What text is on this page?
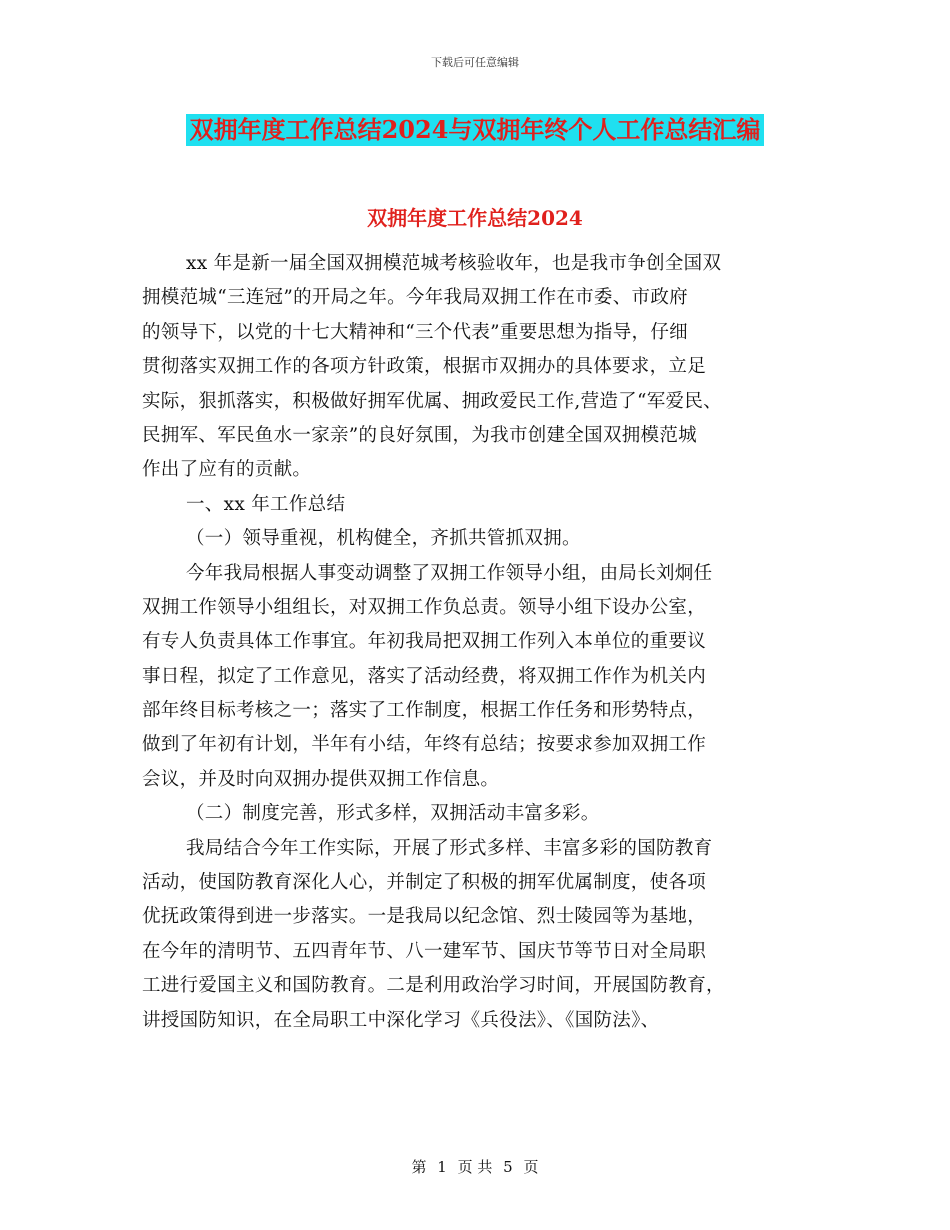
下载后可任意编辑
双拥年度工作总结2024与双拥年终个人工作总结汇编
双拥年度工作总结2024
xx 年是新一届全国双拥模范城考核验收年，也是我市争创全国双
拥模范城“三连冠”的开局之年。今年我局双拥工作在市委、市政府
的领导下，以党的十七大精神和“三个代表”重要思想为指导，仔细
贯彻落实双拥工作的各项方针政策，根据市双拥办的具体要求，立足
实际，狠抓落实，积极做好拥军优属、拥政爱民工作,营造了“军爱民、
民拥军、军民鱼水一家亲”的良好氛围，为我市创建全国双拥模范城
作出了应有的贡献。
一、xx 年工作总结
（一）领导重视，机构健全，齐抓共管抓双拥。
今年我局根据人事变动调整了双拥工作领导小组，由局长刘炯任
双拥工作领导小组组长，对双拥工作负总责。领导小组下设办公室，
有专人负责具体工作事宜。年初我局把双拥工作列入本单位的重要议
事日程，拟定了工作意见，落实了活动经费，将双拥工作作为机关内
部年终目标考核之一；落实了工作制度，根据工作任务和形势特点，
做到了年初有计划，半年有小结，年终有总结；按要求参加双拥工作
会议，并及时向双拥办提供双拥工作信息。
（二）制度完善，形式多样，双拥活动丰富多彩。
我局结合今年工作实际，开展了形式多样、丰富多彩的国防教育
活动，使国防教育深化人心，并制定了积极的拥军优属制度，使各项
优抚政策得到进一步落实。一是我局以纪念馆、烈士陵园等为基地，
在今年的清明节、五四青年节、八一建军节、国庆节等节日对全局职
工进行爱国主义和国防教育。二是利用政治学习时间，开展国防教育，
讲授国防知识，在全局职工中深化学习《兵役法》、《国防法》、
第 1 页 共 5 页
